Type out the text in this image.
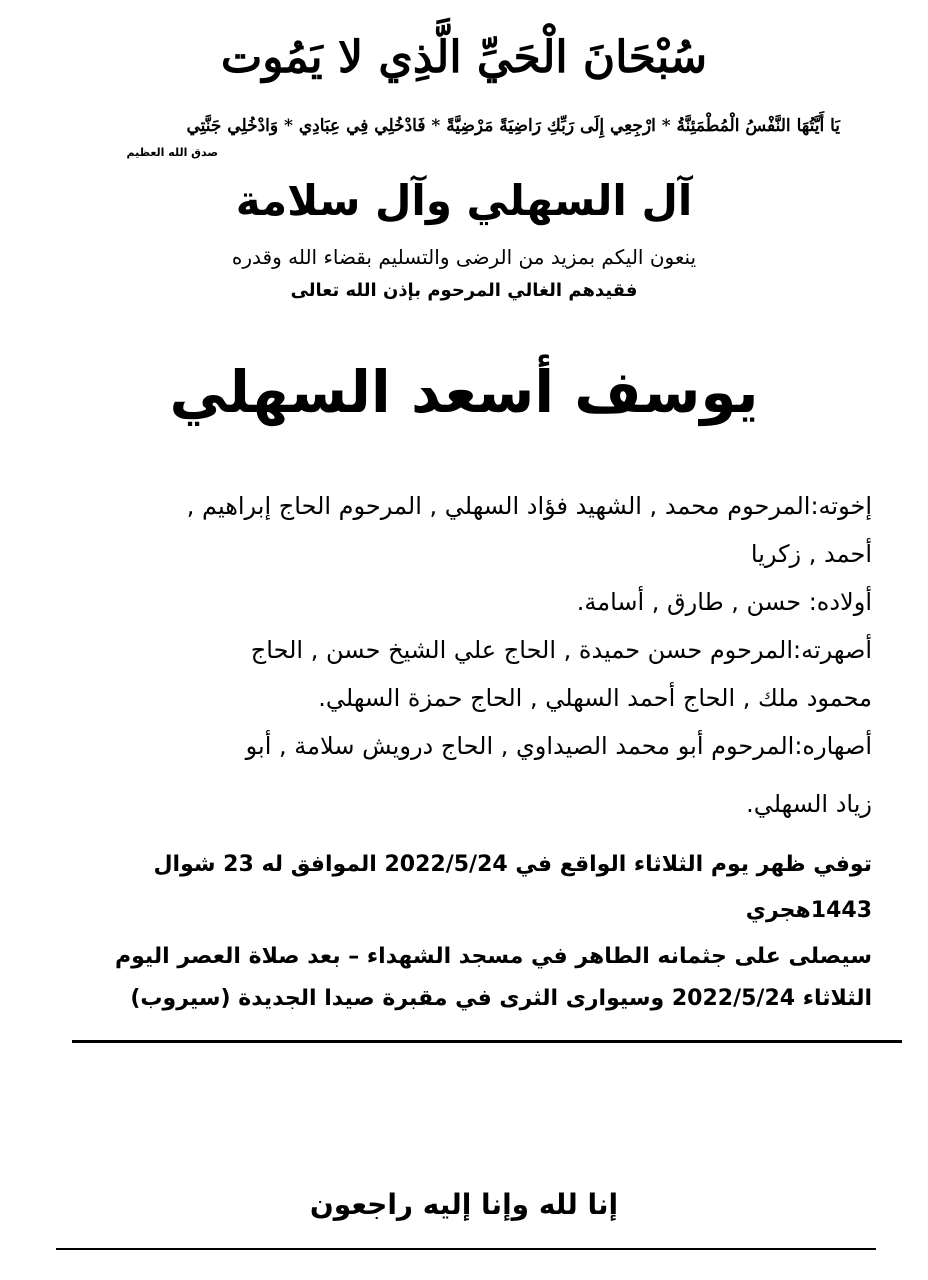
سُبْحَانَ الْحَيِّ الَّذِي لا يَمُوت
يَا أَيَّتُهَا النَّفْسُ الْمُطْمَئِنَّةُ * ارْجِعِي إِلَى رَبِّكِ رَاضِيَةً مَرْضِيَّةً * فَادْخُلِي فِي عِبَادِي * وَادْخُلِي جَنَّتِي
صدق الله العظيم
آل السهلي وآل سلامة
ينعون اليكم بمزيد من الرضى والتسليم بقضاء الله وقدره
فقيدهم الغالي المرحوم بإذن الله تعالى
يوسف أسعد السهلي
إخوته:المرحوم محمد , الشهيد فؤاد السهلي , المرحوم الحاج إبراهيم ,
أحمد , زكريا
أولاده: حسن , طارق , أسامة.
أصهرته:المرحوم حسن حميدة , الحاج علي الشيخ حسن , الحاج
محمود ملك , الحاج أحمد السهلي , الحاج حمزة السهلي.
أصهاره:المرحوم أبو محمد الصيداوي , الحاج درويش سلامة , أبو
زياد السهلي.
توفي ظهر يوم الثلاثاء الواقع في 2022/5/24 الموافق له 23 شوال
1443هجري
سيصلى على جثمانه الطاهر في مسجد الشهداء – بعد صلاة العصر اليوم
الثلاثاء 2022/5/24 وسيوارى الثرى في مقبرة صيدا الجديدة (سيروب)
إنا لله وإنا إليه راجعون
